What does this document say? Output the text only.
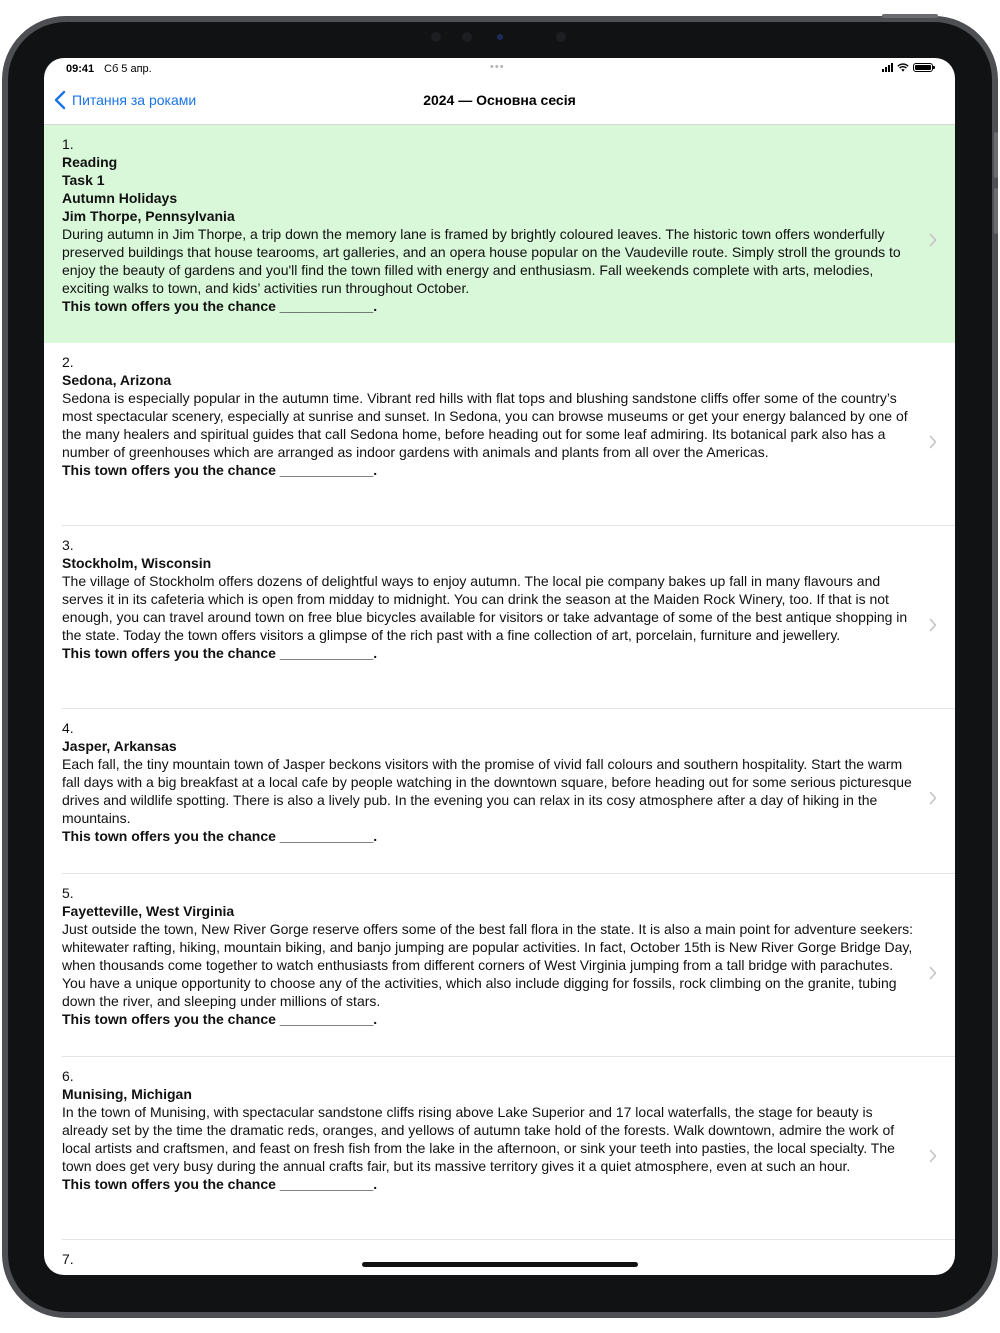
09:41 Сб 5 апр.	•••
Питання за роками	2024 — Основна сесія
1.
Reading
Task 1
Autumn Holidays
Jim Thorpe, Pennsylvania
During autumn in Jim Thorpe, a trip down the memory lane is framed by brightly coloured leaves. The historic town offers wonderfully preserved buildings that house tearooms, art galleries, and an opera house popular on the Vaudeville route. Simply stroll the grounds to enjoy the beauty of gardens and you'll find the town filled with energy and enthusiasm. Fall weekends complete with arts, melodies, exciting walks to town, and kids’ activities run throughout October.
This town offers you the chance ____________.
2.
Sedona, Arizona
Sedona is especially popular in the autumn time. Vibrant red hills with flat tops and blushing sandstone cliffs offer some of the country’s most spectacular scenery, especially at sunrise and sunset. In Sedona, you can browse museums or get your energy balanced by one of the many healers and spiritual guides that call Sedona home, before heading out for some leaf admiring. Its botanical park also has a number of greenhouses which are arranged as indoor gardens with animals and plants from all over the Americas.
This town offers you the chance ____________.
3.
Stockholm, Wisconsin
The village of Stockholm offers dozens of delightful ways to enjoy autumn. The local pie company bakes up fall in many flavours and serves it in its cafeteria which is open from midday to midnight. You can drink the season at the Maiden Rock Winery, too. If that is not enough, you can travel around town on free blue bicycles available for visitors or take advantage of some of the best antique shopping in the state. Today the town offers visitors a glimpse of the rich past with a fine collection of art, porcelain, furniture and jewellery.
This town offers you the chance ____________.
4.
Jasper, Arkansas
Each fall, the tiny mountain town of Jasper beckons visitors with the promise of vivid fall colours and southern hospitality. Start the warm fall days with a big breakfast at a local cafe by people watching in the downtown square, before heading out for some serious picturesque drives and wildlife spotting. There is also a lively pub. In the evening you can relax in its cosy atmosphere after a day of hiking in the mountains.
This town offers you the chance ____________.
5.
Fayetteville, West Virginia
Just outside the town, New River Gorge reserve offers some of the best fall flora in the state. It is also a main point for adventure seekers: whitewater rafting, hiking, mountain biking, and banjo jumping are popular activities. In fact, October 15th is New River Gorge Bridge Day, when thousands come together to watch enthusiasts from different corners of West Virginia jumping from a tall bridge with parachutes. You have a unique opportunity to choose any of the activities, which also include digging for fossils, rock climbing on the granite, tubing down the river, and sleeping under millions of stars.
This town offers you the chance ____________.
6.
Munising, Michigan
In the town of Munising, with spectacular sandstone cliffs rising above Lake Superior and 17 local waterfalls, the stage for beauty is already set by the time the dramatic reds, oranges, and yellows of autumn take hold of the forests. Walk downtown, admire the work of local artists and craftsmen, and feast on fresh fish from the lake in the afternoon, or sink your teeth into pasties, the local specialty. The town does get very busy during the annual crafts fair, but its massive territory gives it a quiet atmosphere, even at such an hour.
This town offers you the chance ____________.
7.
